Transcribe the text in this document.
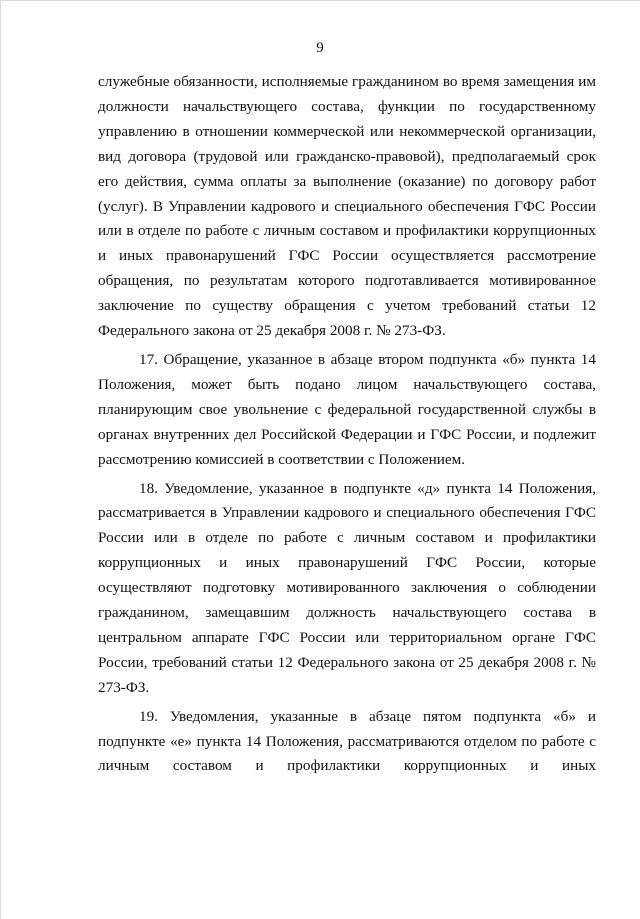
9

служебные обязанности, исполняемые гражданином во время замещения им должности начальствующего состава, функции по государственному управлению в отношении коммерческой или некоммерческой организации, вид договора (трудовой или гражданско-правовой), предполагаемый срок его действия, сумма оплаты за выполнение (оказание) по договору работ (услуг). В Управлении кадрового и специального обеспечения ГФС России или в отделе по работе с личным составом и профилактики коррупционных и иных правонарушений ГФС России осуществляется рассмотрение обращения, по результатам которого подготавливается мотивированное заключение по существу обращения с учетом требований статьи 12 Федерального закона от 25 декабря 2008 г. № 273-ФЗ.

17. Обращение, указанное в абзаце втором подпункта «б» пункта 14 Положения, может быть подано лицом начальствующего состава, планирующим свое увольнение с федеральной государственной службы в органах внутренних дел Российской Федерации и ГФС России, и подлежит рассмотрению комиссией в соответствии с Положением.

18. Уведомление, указанное в подпункте «д» пункта 14 Положения, рассматривается в Управлении кадрового и специального обеспечения ГФС России или в отделе по работе с личным составом и профилактики коррупционных и иных правонарушений ГФС России, которые осуществляют подготовку мотивированного заключения о соблюдении гражданином, замещавшим должность начальствующего состава в центральном аппарате ГФС России или территориальном органе ГФС России, требований статьи 12 Федерального закона от 25 декабря 2008 г. № 273-ФЗ.

19. Уведомления, указанные в абзаце пятом подпункта «б» и подпункте «е» пункта 14 Положения, рассматриваются отделом по работе с личным составом и профилактики коррупционных и иных
